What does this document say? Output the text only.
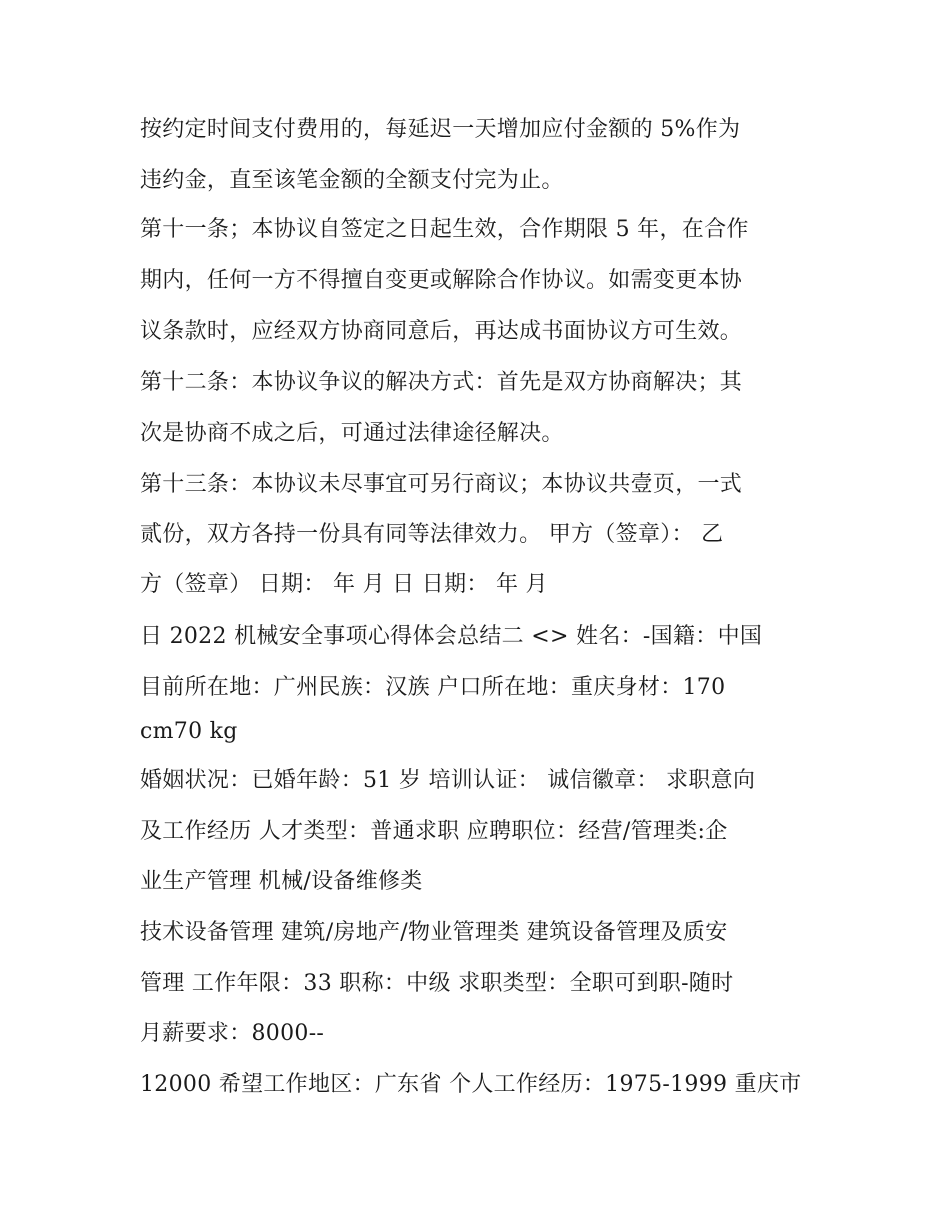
按约定时间支付费用的，每延迟一天增加应付金额的 5%作为
违约金，直至该笔金额的全额支付完为止。
第十一条；本协议自签定之日起生效，合作期限 5 年，在合作
期内，任何一方不得擅自变更或解除合作协议。如需变更本协
议条款时，应经双方协商同意后，再达成书面协议方可生效。
第十二条：本协议争议的解决方式：首先是双方协商解决；其
次是协商不成之后，可通过法律途径解决。
第十三条：本协议未尽事宜可另行商议；本协议共壹页，一式
贰份，双方各持一份具有同等法律效力。 甲方（签章）： 乙
方（签章） 日期： 年 月 日 日期： 年 月
日 2022 机械安全事项心得体会总结二 <> 姓名：-国籍：中国
目前所在地：广州民族：汉族 户口所在地：重庆身材：170
cm70 kg
婚姻状况：已婚年龄：51 岁 培训认证： 诚信徽章： 求职意向
及工作经历 人才类型：普通求职 应聘职位：经营/管理类:企
业生产管理 机械/设备维修类
技术设备管理 建筑/房地产/物业管理类 建筑设备管理及质安
管理 工作年限：33 职称：中级 求职类型：全职可到职-随时
月薪要求：8000--
12000 希望工作地区：广东省 个人工作经历：1975-1999 重庆市
